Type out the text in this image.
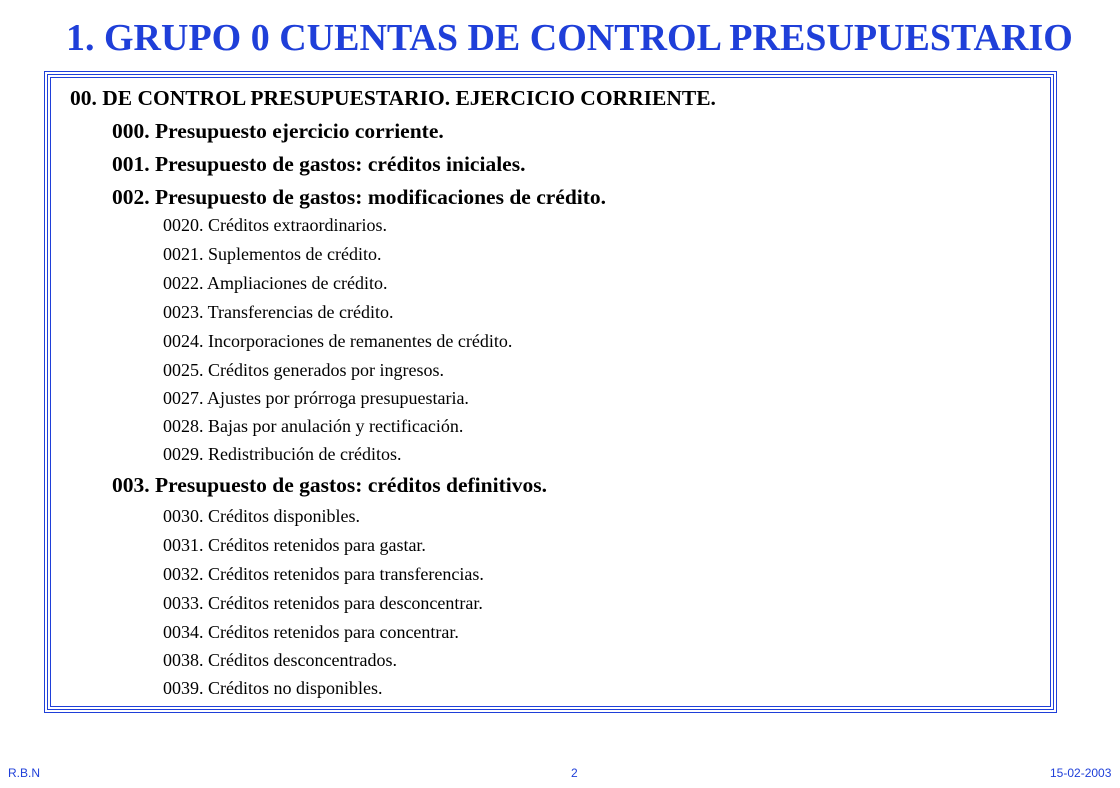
1. GRUPO 0 CUENTAS DE CONTROL PRESUPUESTARIO
00. DE CONTROL PRESUPUESTARIO. EJERCICIO CORRIENTE.
000. Presupuesto ejercicio corriente.
001. Presupuesto de gastos: créditos iniciales.
002. Presupuesto de gastos: modificaciones de crédito.
0020. Créditos extraordinarios.
0021. Suplementos de crédito.
0022. Ampliaciones de crédito.
0023. Transferencias de crédito.
0024. Incorporaciones de remanentes de crédito.
0025. Créditos generados por ingresos.
0027. Ajustes por prórroga presupuestaria.
0028. Bajas por anulación y rectificación.
0029. Redistribución de créditos.
003. Presupuesto de gastos: créditos definitivos.
0030. Créditos disponibles.
0031. Créditos retenidos para gastar.
0032. Créditos retenidos para transferencias.
0033. Créditos retenidos para desconcentrar.
0034. Créditos retenidos para concentrar.
0038. Créditos desconcentrados.
0039. Créditos no disponibles.
R.B.N	2	15-02-2003
